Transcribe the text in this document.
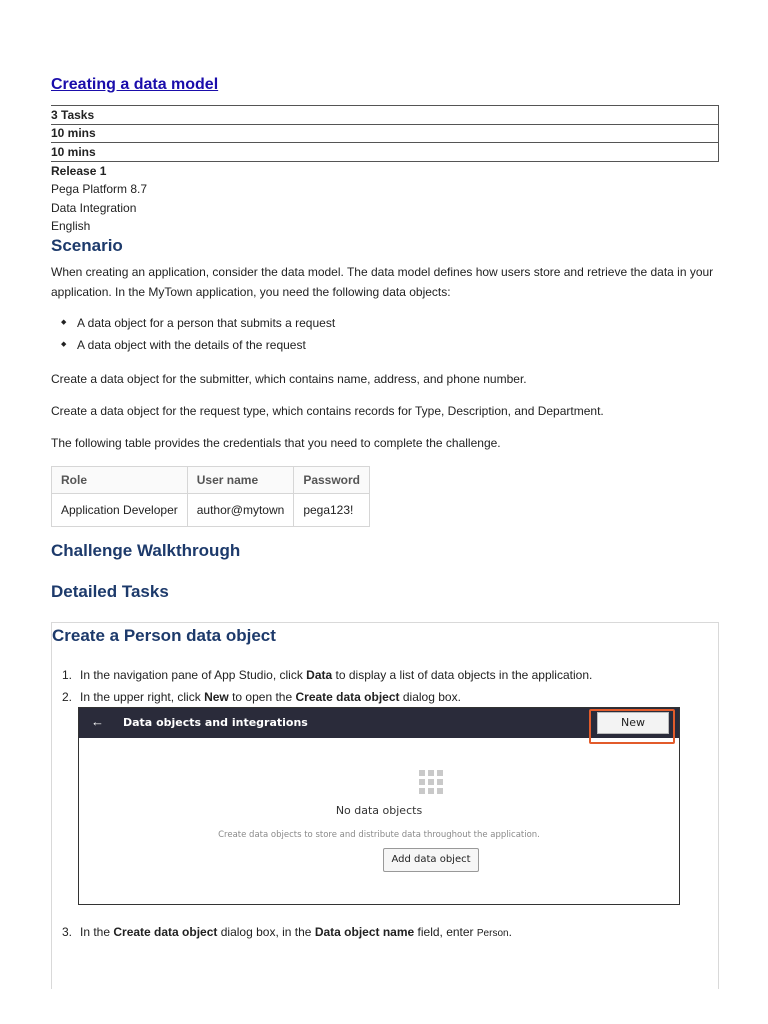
Creating a data model
3 Tasks
10 mins
10 mins
Release 1
Pega Platform 8.7
Data Integration
English
Scenario

When creating an application, consider the data model. The data model defines how users store and retrieve the data in your

application. In the MyTown application, you need the following data objects:

◆ A data object for a person that submits a request
◆ A data object with the details of the request

Create a data object for the submitter, which contains name, address, and phone number.

Create a data object for the request type, which contains records for Type, Description, and Department.

The following table provides the credentials that you need to complete the challenge.

Role	User name	Password
Application Developer	author@mytown	pega123!
Challenge Walkthrough
Detailed Tasks
Create a Person data object
1. In the navigation pane of App Studio, click Data to display a list of data objects in the application.
2. In the upper right, click New to open the Create data object dialog box.
← Data objects and integrations	New
No data objects
Create data objects to store and distribute data throughout the application.
Add data object
3. In the Create data object dialog box, in the Data object name field, enter Person.
